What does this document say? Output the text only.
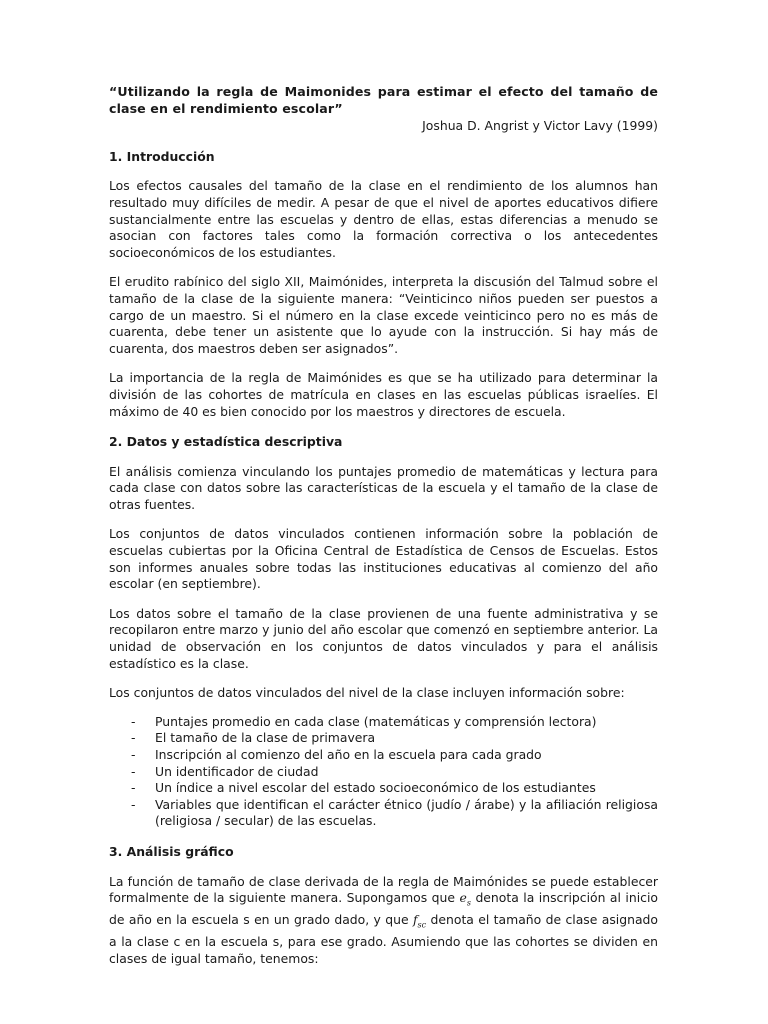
“Utilizando la regla de Maimonides para estimar el efecto del tamaño de clase en el rendimiento escolar”

Joshua D. Angrist y Victor Lavy (1999)
1. Introducción

Los efectos causales del tamaño de la clase en el rendimiento de los alumnos han resultado muy difíciles de medir. A pesar de que el nivel de aportes educativos difiere sustancialmente entre las escuelas y dentro de ellas, estas diferencias a menudo se asocian con factores tales como la formación correctiva o los antecedentes socioeconómicos de los estudiantes.

El erudito rabínico del siglo XII, Maimónides, interpreta la discusión del Talmud sobre el tamaño de la clase de la siguiente manera: “Veinticinco niños pueden ser puestos a cargo de un maestro. Si el número en la clase excede veinticinco pero no es más de cuarenta, debe tener un asistente que lo ayude con la instrucción. Si hay más de cuarenta, dos maestros deben ser asignados”.

La importancia de la regla de Maimónides es que se ha utilizado para determinar la división de las cohortes de matrícula en clases en las escuelas públicas israelíes. El máximo de 40 es bien conocido por los maestros y directores de escuela.

2. Datos y estadística descriptiva

El análisis comienza vinculando los puntajes promedio de matemáticas y lectura para cada clase con datos sobre las características de la escuela y el tamaño de la clase de otras fuentes.

Los conjuntos de datos vinculados contienen información sobre la población de escuelas cubiertas por la Oficina Central de Estadística de Censos de Escuelas. Estos son informes anuales sobre todas las instituciones educativas al comienzo del año escolar (en septiembre).

Los datos sobre el tamaño de la clase provienen de una fuente administrativa y se recopilaron entre marzo y junio del año escolar que comenzó en septiembre anterior. La unidad de observación en los conjuntos de datos vinculados y para el análisis estadístico es la clase.

Los conjuntos de datos vinculados del nivel de la clase incluyen información sobre:

- Puntajes promedio en cada clase (matemáticas y comprensión lectora)
- El tamaño de la clase de primavera
- Inscripción al comienzo del año en la escuela para cada grado
- Un identificador de ciudad
- Un índice a nivel escolar del estado socioeconómico de los estudiantes
- Variables que identifican el carácter étnico (judío / árabe) y la afiliación religiosa (religiosa / secular) de las escuelas.
3. Análisis gráfico

La función de tamaño de clase derivada de la regla de Maimónides se puede establecer formalmente de la siguiente manera. Supongamos que $e_s$ denota la inscripción al inicio de año en la escuela s en un grado dado, y que $f_{sc}$ denota el tamaño de clase asignado a la clase c en la escuela s, para ese grado. Asumiendo que las cohortes se dividen en clases de igual tamaño, tenemos:
